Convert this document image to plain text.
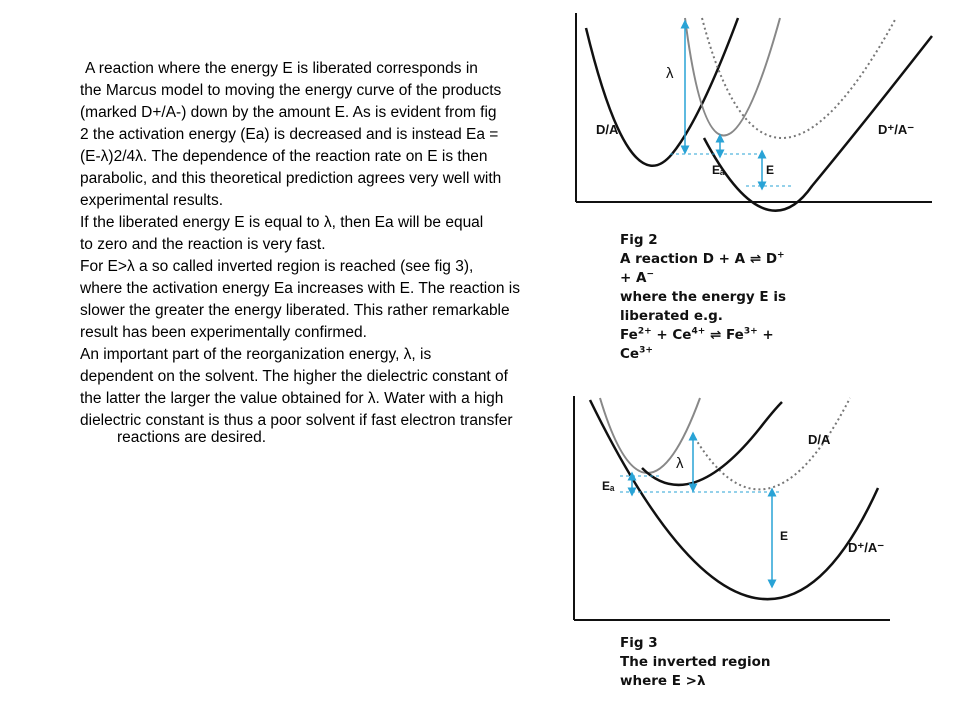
A reaction where the energy E is liberated corresponds in

the Marcus model to moving the energy curve of the products

(marked D+/A-) down by the amount E. As is evident from fig

2 the activation energy (Ea) is decreased and is instead Ea =

(E-λ)2/4λ. The dependence of the reaction rate on E is then

parabolic, and this theoretical prediction agrees very well with

experimental results.

If the liberated energy E is equal to λ, then Ea will be equal

to zero and the reaction is very fast.

For E>λ a so called inverted region is reached (see fig 3),

where the activation energy Ea increases with E. The reaction is

slower the greater the energy liberated. This rather remarkable

result has been experimentally confirmed.

An important part of the reorganization energy, λ, is

dependent on the solvent. The higher the dielectric constant of

the latter the larger the value obtained for λ. Water with a high

dielectric constant is thus a poor solvent if fast electron transfer reactions are desired.

λ
D/A	D⁺/A⁻
Eₐ	E
Fig 2
A reaction D + A ⇌ D+
+ A−
where the energy E is
liberated e.g.
$Fe^{2+} + Ce^{4+}$ ⇌ $Fe^{3+}$ +
$Ce^{3+}$
λ
D/A
D⁺/A⁻
Eₐ
E
Fig 3
The inverted region
where E >λ
